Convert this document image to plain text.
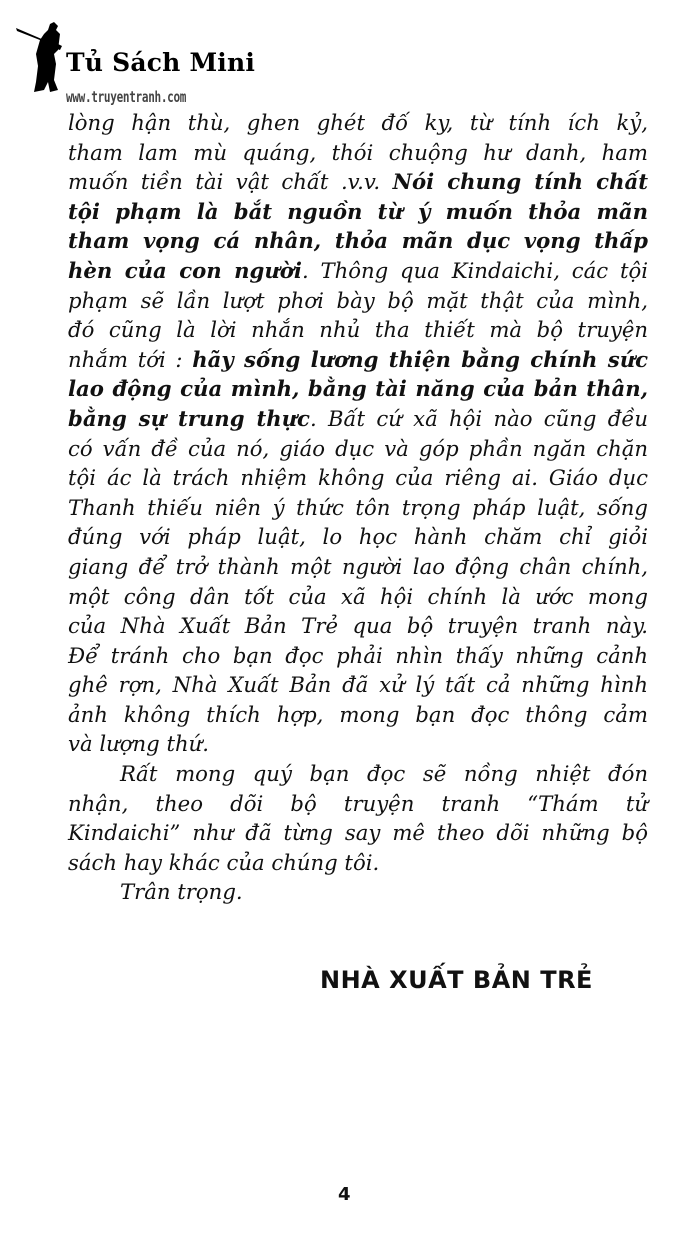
Tủ Sách Mini
www.truyentranh.com
lòng hận thù, ghen ghét đố ky, từ tính ích kỷ,
tham lam mù quáng, thói chuộng hư danh, ham
muốn tiền tài vật chất .v.v. Nói chung tính chất
tội phạm là bắt nguồn từ ý muốn thỏa mãn
tham vọng cá nhân, thỏa mãn dục vọng thấp
hèn của con người. Thông qua Kindaichi, các tội
phạm sẽ lần lượt phơi bày bộ mặt thật của mình,
đó cũng là lời nhắn nhủ tha thiết mà bộ truyện
nhắm tới : hãy sống lương thiện bằng chính sức
lao động của mình, bằng tài năng của bản thân,
bằng sự trung thực. Bất cứ xã hội nào cũng đều
có vấn đề của nó, giáo dục và góp phần ngăn chặn
tội ác là trách nhiệm không của riêng ai. Giáo dục
Thanh thiếu niên ý thức tôn trọng pháp luật, sống
đúng với pháp luật, lo học hành chăm chỉ giỏi
giang để trở thành một người lao động chân chính,
một công dân tốt của xã hội chính là ước mong
của Nhà Xuất Bản Trẻ qua bộ truyện tranh này.
Để tránh cho bạn đọc phải nhìn thấy những cảnh
ghê rợn, Nhà Xuất Bản đã xử lý tất cả những hình
ảnh không thích hợp, mong bạn đọc thông cảm
và lượng thứ.
Rất mong quý bạn đọc sẽ nồng nhiệt đón
nhận, theo dõi bộ truyện tranh “Thám tử
Kindaichi” như đã từng say mê theo dõi những bộ
sách hay khác của chúng tôi.
Trân trọng.
NHÀ XUẤT BẢN TRẺ
4
